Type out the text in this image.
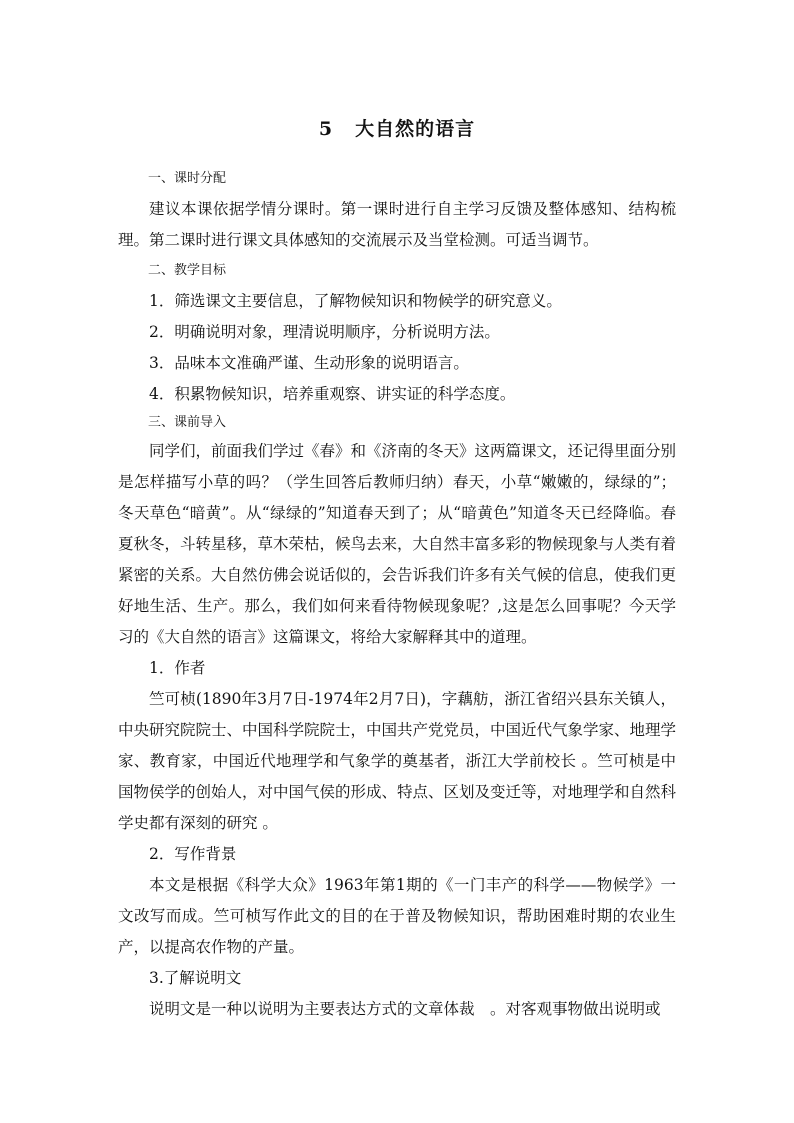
5 大自然的语言

一、课时分配

建议本课依据学情分课时。第一课时进行自主学习反馈及整体感知、结构梳理。第二课时进行课文具体感知的交流展示及当堂检测。可适当调节。

二、教学目标

1．筛选课文主要信息，了解物候知识和物候学的研究意义。

2．明确说明对象，理清说明顺序，分析说明方法。

3．品味本文准确严谨、生动形象的说明语言。

4．积累物候知识，培养重观察、讲实证的科学态度。

三、课前导入

同学们，前面我们学过《春》和《济南的冬天》这两篇课文，还记得里面分别是怎样描写小草的吗？（学生回答后教师归纳）春天，小草“嫩嫩的，绿绿的”；冬天草色“暗黄”。从“绿绿的”知道春天到了；从“暗黄色”知道冬天已经降临。春夏秋冬，斗转星移，草木荣枯，候鸟去来，大自然丰富多彩的物候现象与人类有着紧密的关系。大自然仿佛会说话似的，会告诉我们许多有关气候的信息，使我们更好地生活、生产。那么，我们如何来看待物候现象呢？,这是怎么回事呢？今天学习的《大自然的语言》这篇课文，将给大家解释其中的道理。

1．作者

竺可桢(1890年3月7日-1974年2月7日)，字藕舫，浙江省绍兴县东关镇人，中央研究院院士、中国科学院院士，中国共产党党员，中国近代气象学家、地理学家、教育家，中国近代地理学和气象学的奠基者，浙江大学前校长 。竺可桢是中国物侯学的创始人，对中国气侯的形成、特点、区划及变迁等，对地理学和自然科学史都有深刻的研究 。

2．写作背景

本文是根据《科学大众》1963年第1期的《一门丰产的科学——物候学》一文改写而成。竺可桢写作此文的目的在于普及物候知识，帮助困难时期的农业生产，以提高农作物的产量。

3.了解说明文

说明文是一种以说明为主要表达方式的文章体裁　。对客观事物做出说明或
